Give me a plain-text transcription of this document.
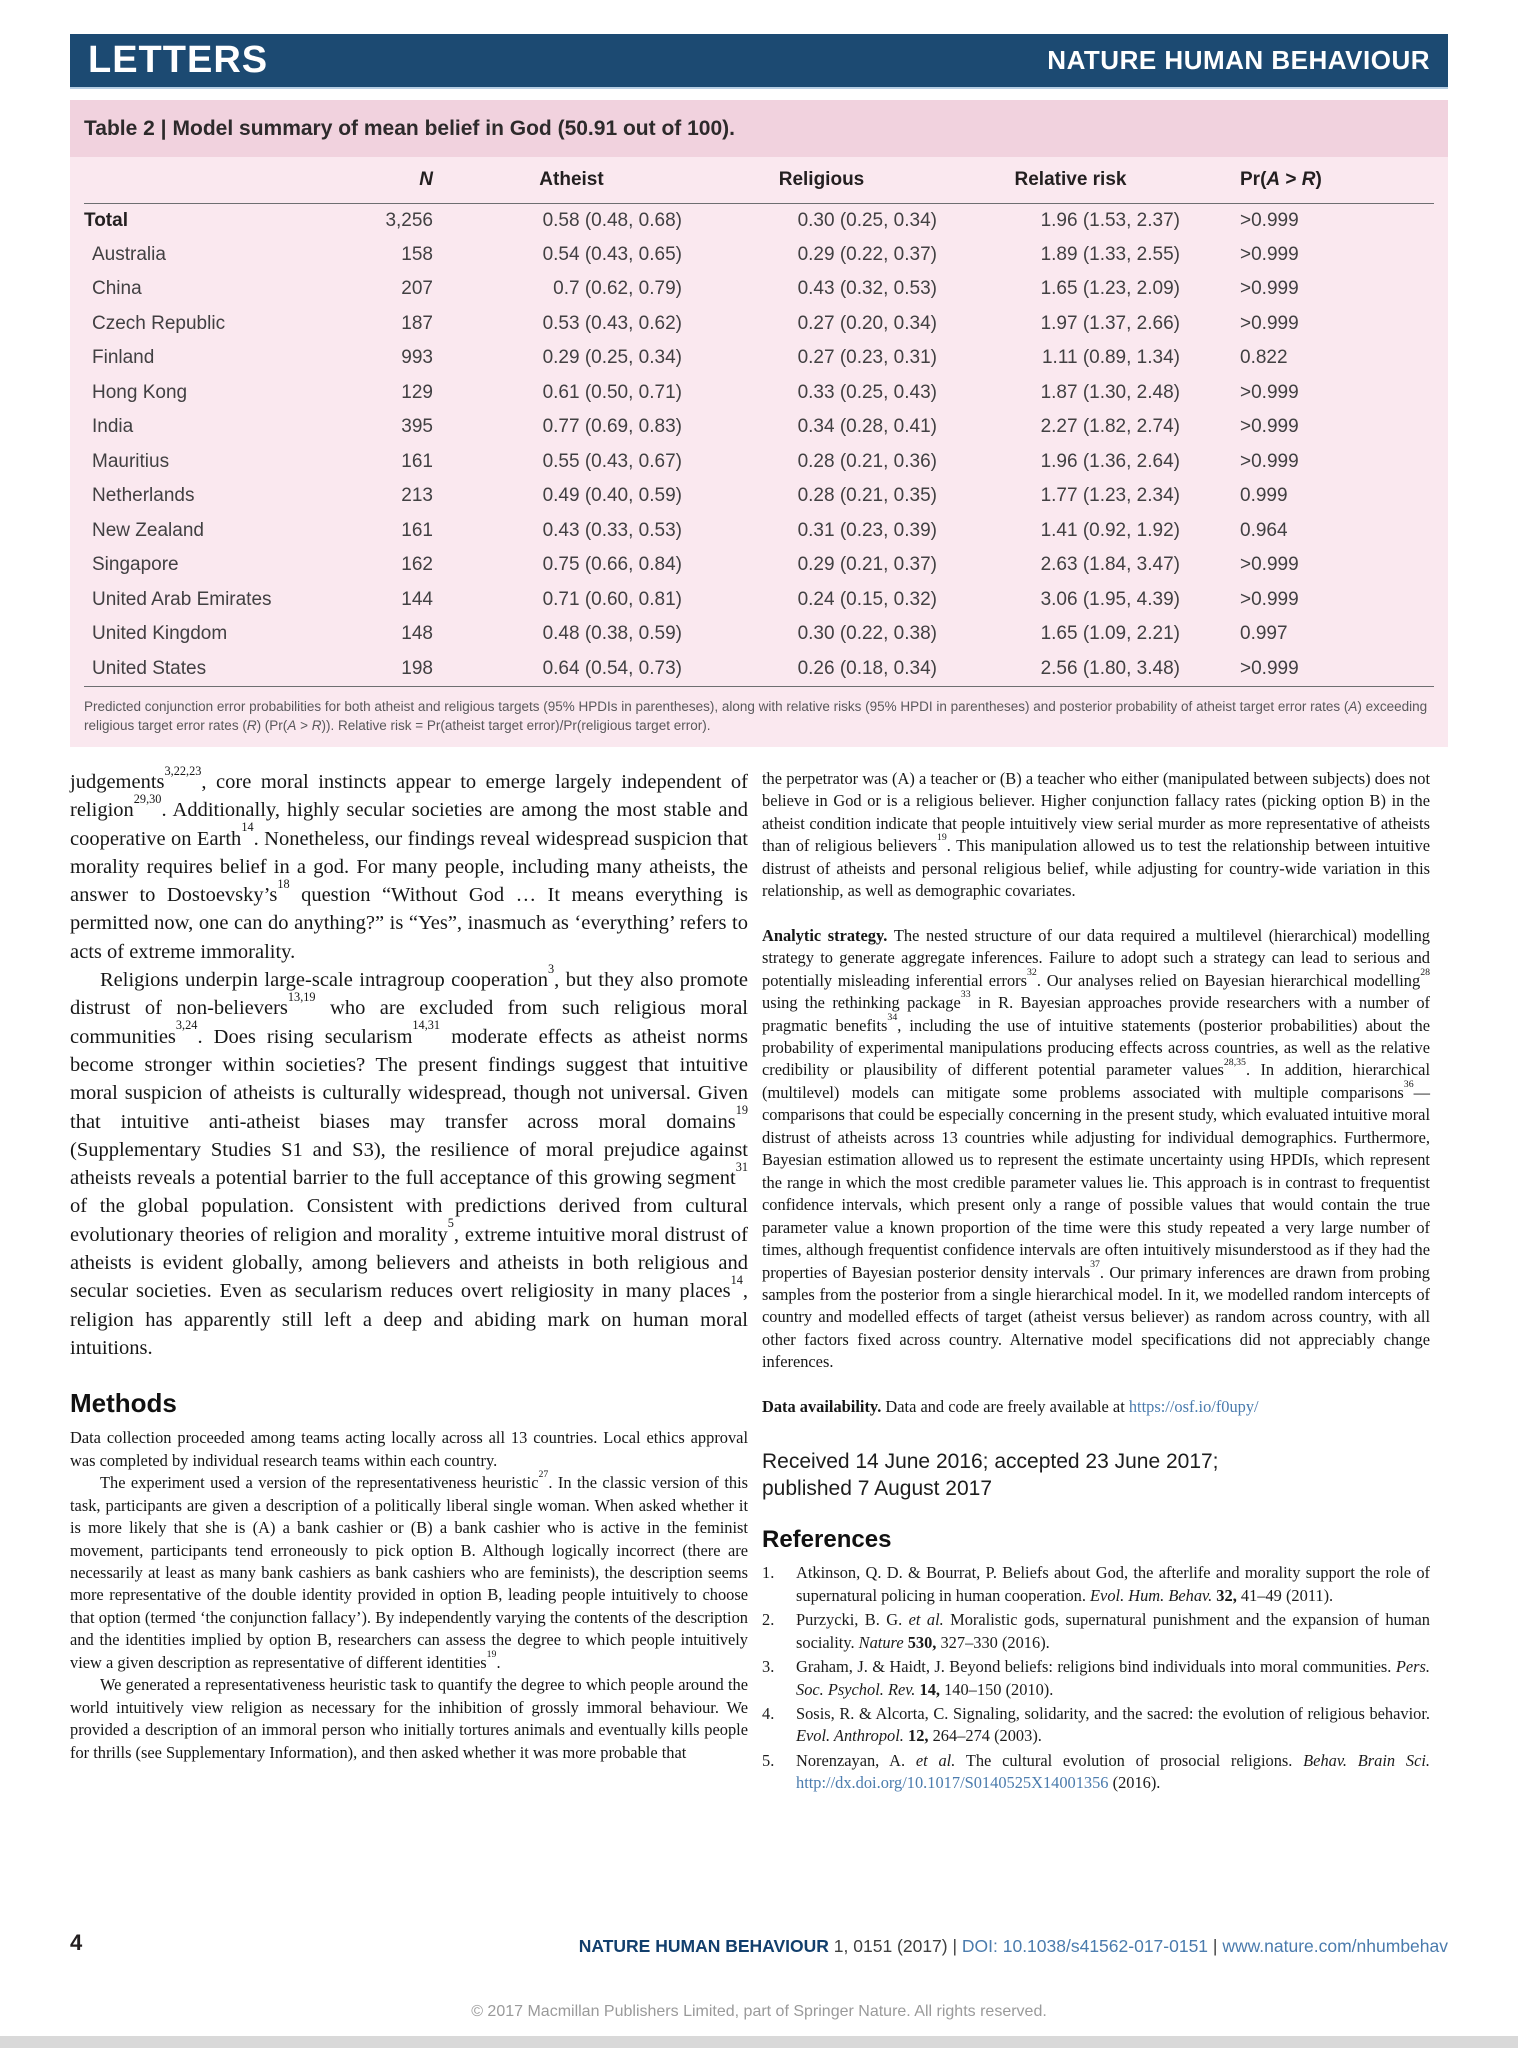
LETTERS	NATURE HUMAN BEHAVIOUR
Table 2 | Model summary of mean belief in God (50.91 out of 100).
	N	Atheist	Religious	Relative risk	Pr(A > R)
Total	3,256	0.58 (0.48, 0.68)	0.30 (0.25, 0.34)	1.96 (1.53, 2.37)	>0.999
Australia	158	0.54 (0.43, 0.65)	0.29 (0.22, 0.37)	1.89 (1.33, 2.55)	>0.999
China	207	0.7 (0.62, 0.79)	0.43 (0.32, 0.53)	1.65 (1.23, 2.09)	>0.999
Czech Republic	187	0.53 (0.43, 0.62)	0.27 (0.20, 0.34)	1.97 (1.37, 2.66)	>0.999
Finland	993	0.29 (0.25, 0.34)	0.27 (0.23, 0.31)	1.11 (0.89, 1.34)	0.822
Hong Kong	129	0.61 (0.50, 0.71)	0.33 (0.25, 0.43)	1.87 (1.30, 2.48)	>0.999
India	395	0.77 (0.69, 0.83)	0.34 (0.28, 0.41)	2.27 (1.82, 2.74)	>0.999
Mauritius	161	0.55 (0.43, 0.67)	0.28 (0.21, 0.36)	1.96 (1.36, 2.64)	>0.999
Netherlands	213	0.49 (0.40, 0.59)	0.28 (0.21, 0.35)	1.77 (1.23, 2.34)	0.999
New Zealand	161	0.43 (0.33, 0.53)	0.31 (0.23, 0.39)	1.41 (0.92, 1.92)	0.964
Singapore	162	0.75 (0.66, 0.84)	0.29 (0.21, 0.37)	2.63 (1.84, 3.47)	>0.999
United Arab Emirates	144	0.71 (0.60, 0.81)	0.24 (0.15, 0.32)	3.06 (1.95, 4.39)	>0.999
United Kingdom	148	0.48 (0.38, 0.59)	0.30 (0.22, 0.38)	1.65 (1.09, 2.21)	0.997
United States	198	0.64 (0.54, 0.73)	0.26 (0.18, 0.34)	2.56 (1.80, 3.48)	>0.999
Predicted conjunction error probabilities for both atheist and religious targets (95% HPDIs in parentheses), along with relative risks (95% HPDI in parentheses) and posterior probability of atheist target error rates (A) exceeding religious target error rates (R) (Pr(A > R)). Relative risk = Pr(atheist target error)/Pr(religious target error).

judgements$^{3,22,23}$, core moral instincts appear to emerge largely independent of religion$^{29,30}$. Additionally, highly secular societies are among the most stable and cooperative on Earth$^{14}$. Nonetheless, our findings reveal widespread suspicion that morality requires belief in a god. For many people, including many atheists, the answer to $Dostoevsky’s^{18}$ question “Without God … It means everything is permitted now, one can do anything?” is “Yes”, inasmuch as ‘everything’ refers to acts of extreme immorality.

Religions underpin large-scale intragroup cooperation$^3$, but they also promote distrust of non-believers$^{13,19}$ who are excluded from such religious moral communities$^{3,24}$. Does rising secularism$^{14,31}$ moderate effects as atheist norms become stronger within societies? The present findings suggest that intuitive moral suspicion of atheists is culturally widespread, though not universal. Given that intuitive anti-atheist biases may transfer across moral domains$^{19}$ (Supplementary Studies S1 and S3), the resilience of moral prejudice against atheists reveals a potential barrier to the full acceptance of this growing segment$^{31}$ of the global population. Consistent with predictions derived from cultural evolutionary theories of religion and morality$^5$, extreme intuitive moral distrust of atheists is evident globally, among believers and atheists in both religious and secular societies. Even as secularism reduces overt religiosity in many places$^{14}$, religion has apparently still left a deep and abiding mark on human moral intuitions.

Methods

Data collection proceeded among teams acting locally across all 13 countries. Local ethics approval was completed by individual research teams within each country.

The experiment used a version of the representativeness heuristic$^{27}$. In the classic version of this task, participants are given a description of a politically liberal single woman. When asked whether it is more likely that she is (A) a bank cashier or (B) a bank cashier who is active in the feminist movement, participants tend erroneously to pick option B. Although logically incorrect (there are necessarily at least as many bank cashiers as bank cashiers who are feminists), the description seems more representative of the double identity provided in option B, leading people intuitively to choose that option (termed ‘the conjunction fallacy’). By independently varying the contents of the description and the identities implied by option B, researchers can assess the degree to which people intuitively view a given description as representative of different identities$^{19}$.

We generated a representativeness heuristic task to quantify the degree to which people around the world intuitively view religion as necessary for the inhibition of grossly immoral behaviour. We provided a description of an immoral person who initially tortures animals and eventually kills people for thrills (see Supplementary Information), and then asked whether it was more probable that

the perpetrator was (A) a teacher or (B) a teacher who either (manipulated between subjects) does not believe in God or is a religious believer. Higher conjunction fallacy rates (picking option B) in the atheist condition indicate that people intuitively view serial murder as more representative of atheists than of religious believers$^{19}$. This manipulation allowed us to test the relationship between intuitive distrust of atheists and personal religious belief, while adjusting for country-wide variation in this relationship, as well as demographic covariates.

Analytic strategy. The nested structure of our data required a multilevel (hierarchical) modelling strategy to generate aggregate inferences. Failure to adopt such a strategy can lead to serious and potentially misleading inferential errors$^{32}$. Our analyses relied on Bayesian hierarchical modelling$^{28}$ using the rethinking package$^{33}$ in R. Bayesian approaches provide researchers with a number of pragmatic benefits$^{34}$, including the use of intuitive statements (posterior probabilities) about the probability of experimental manipulations producing effects across countries, as well as the relative credibility or plausibility of different potential parameter values$^{28,35}$. In addition, hierarchical (multilevel) models can mitigate some problems associated with multiple comparisons$^{36}$—comparisons that could be especially concerning in the present study, which evaluated intuitive moral distrust of atheists across 13 countries while adjusting for individual demographics. Furthermore, Bayesian estimation allowed us to represent the estimate uncertainty using HPDIs, which represent the range in which the most credible parameter values lie. This approach is in contrast to frequentist confidence intervals, which present only a range of possible values that would contain the true parameter value a known proportion of the time were this study repeated a very large number of times, although frequentist confidence intervals are often intuitively misunderstood as if they had the properties of Bayesian posterior density intervals$^{37}$. Our primary inferences are drawn from probing samples from the posterior from a single hierarchical model. In it, we modelled random intercepts of country and modelled effects of target (atheist versus believer) as random across country, with all other factors fixed across country. Alternative model specifications did not appreciably change inferences.

Data availability. Data and code are freely available at https://osf.io/f0upy/

Received 14 June 2016; accepted 23 June 2017;
published 7 August 2017
References
1.	Atkinson, Q. D. & Bourrat, P. Beliefs about God, the afterlife and morality support the role of supernatural policing in human cooperation. Evol. Hum. Behav. 32, 41–49 (2011).
2.	Purzycki, B. G. et al. Moralistic gods, supernatural punishment and the expansion of human sociality. Nature 530, 327–330 (2016).
3.	Graham, J. & Haidt, J. Beyond beliefs: religions bind individuals into moral communities. Pers. Soc. Psychol. Rev. 14, 140–150 (2010).
4.	Sosis, R. & Alcorta, C. Signaling, solidarity, and the sacred: the evolution of religious behavior. Evol. Anthropol. 12, 264–274 (2003).
5.	Norenzayan, A. et al. The cultural evolution of prosocial religions. Behav. Brain Sci. http://dx.doi.org/10.1017/S0140525X14001356 (2016).
4	NATURE HUMAN BEHAVIOUR 1, 0151 (2017) | DOI: 10.1038/s41562-017-0151 | www.nature.com/nhumbehav
© 2017 Macmillan Publishers Limited, part of Springer Nature. All rights reserved.
